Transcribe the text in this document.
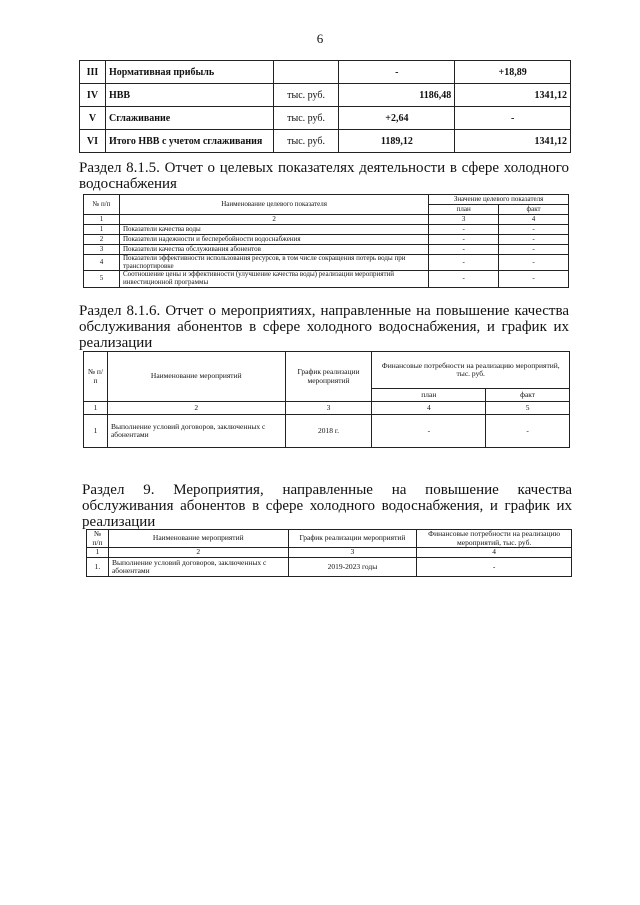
6
III	Нормативная прибыль		-	+18,89
IV	НВВ	тыс. руб.	1186,48	1341,12
V	Сглаживание	тыс. руб.	+2,64	-
VI	Итого НВВ с учетом сглаживания	тыс. руб.	1189,12	1341,12

Раздел 8.1.5. Отчет о целевых показателях деятельности в сфере холодного водоснабжения

№ п/п	Наименование целевого показателя	Значение целевого показателя	
		план	факт
1	2	3	4
1	Показатели качества воды	-	-
2	Показатели надежности и бесперебойности водоснабжения	-	-
3	Показатели качества обслуживания абонентов	-	-
4	Показатели эффективности использования ресурсов, в том числе сокращения потерь воды при транспортировке	-	-
5	Соотношение цены и эффективности (улучшение качества воды) реализации мероприятий инвестиционной программы	-	-

Раздел 8.1.6. Отчет о мероприятиях, направленные на повышение качества обслуживания абонентов в сфере холодного водоснабжения, и график их реализации

№ п/п	Наименование мероприятий	График реализации мероприятий	Финансовые потребности на реализацию мероприятий, тыс. руб.	
			план	факт
1	2	3	4	5
1	Выполнение условий договоров, заключенных с абонентами	2018 г.	-	-

Раздел 9. Мероприятия, направленные на повышение качества обслуживания абонентов в сфере холодного водоснабжения, и график их реализации

№ п/п	Наименование мероприятий	График реализации мероприятий	Финансовые потребности на реализацию мероприятий, тыс. руб.
1	2	3	4
1.	Выполнение условий договоров, заключенных с абонентами	2019-2023 годы	-
